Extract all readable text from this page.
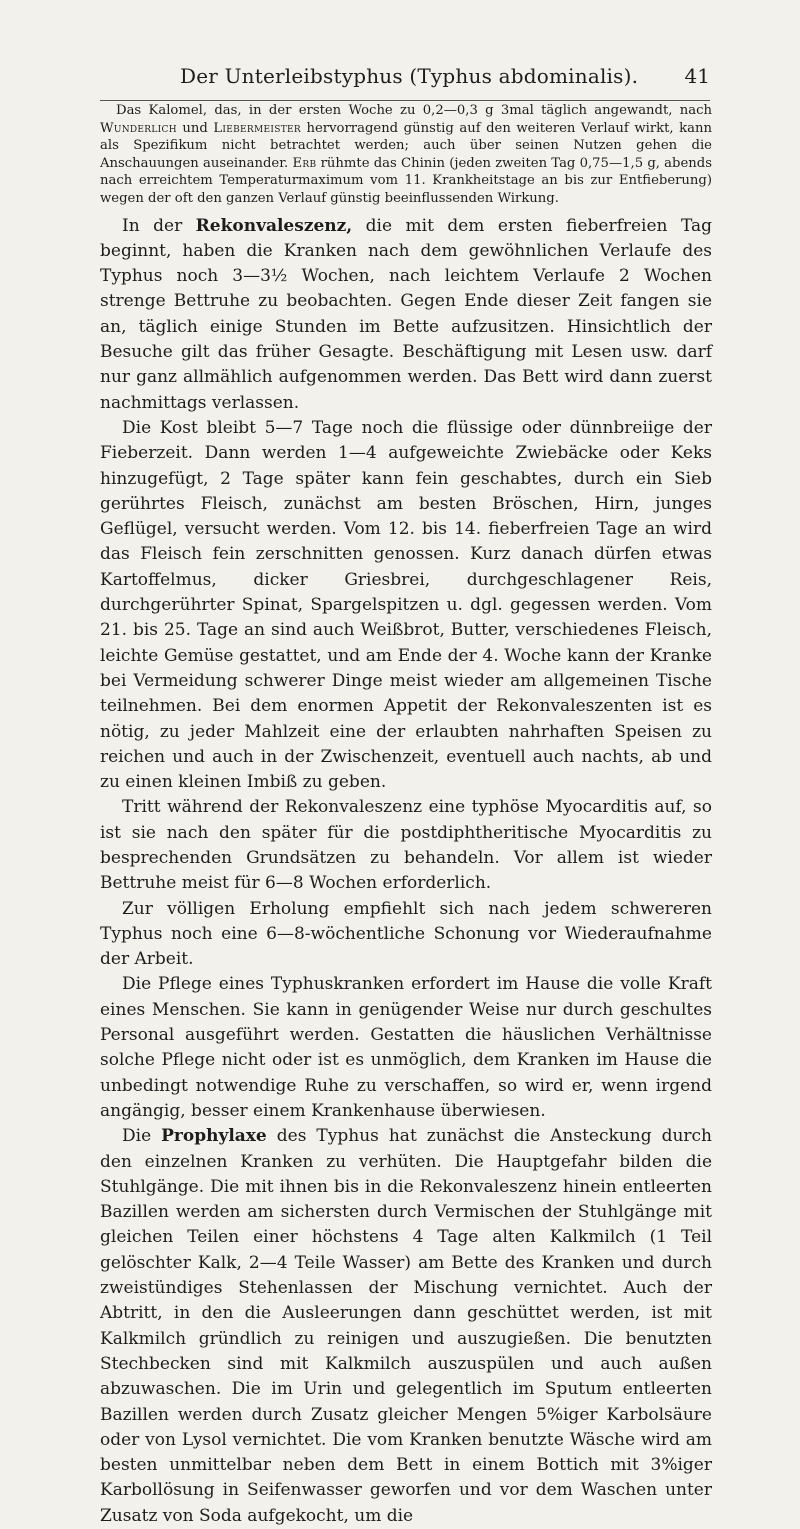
Der Unterleibstyphus (Typhus abdominalis). 41

Das Kalomel, das, in der ersten Woche zu 0,2—0,3 g 3mal täglich angewandt, nach Wunderlich und Liebermeister hervorragend günstig auf den weiteren Verlauf wirkt, kann als Spezifikum nicht betrachtet werden; auch über seinen Nutzen gehen die Anschauungen auseinander. Erb rühmte das Chinin (jeden zweiten Tag 0,75—1,5 g, abends nach erreichtem Temperaturmaximum vom 11. Krankheitstage an bis zur Entfieberung) wegen der oft den ganzen Verlauf günstig beeinflussenden Wirkung.

In der Rekonvaleszenz, die mit dem ersten fieberfreien Tag beginnt, haben die Kranken nach dem gewöhnlichen Verlaufe des Typhus noch 3—3½ Wochen, nach leichtem Verlaufe 2 Wochen strenge Bettruhe zu beobachten. Gegen Ende dieser Zeit fangen sie an, täglich einige Stunden im Bette aufzusitzen. Hinsichtlich der Besuche gilt das früher Gesagte. Beschäftigung mit Lesen usw. darf nur ganz allmählich aufgenommen werden. Das Bett wird dann zuerst nachmittags verlassen.

Die Kost bleibt 5—7 Tage noch die flüssige oder dünnbreiige der Fieberzeit. Dann werden 1—4 aufgeweichte Zwiebäcke oder Keks hinzugefügt, 2 Tage später kann fein geschabtes, durch ein Sieb gerührtes Fleisch, zunächst am besten Bröschen, Hirn, junges Geflügel, versucht werden. Vom 12. bis 14. fieberfreien Tage an wird das Fleisch fein zerschnitten genossen. Kurz danach dürfen etwas Kartoffelmus, dicker Griesbrei, durchgeschlagener Reis, durchgerührter Spinat, Spargelspitzen u. dgl. gegessen werden. Vom 21. bis 25. Tage an sind auch Weißbrot, Butter, verschiedenes Fleisch, leichte Gemüse gestattet, und am Ende der 4. Woche kann der Kranke bei Vermeidung schwerer Dinge meist wieder am allgemeinen Tische teilnehmen. Bei dem enormen Appetit der Rekonvaleszenten ist es nötig, zu jeder Mahlzeit eine der erlaubten nahrhaften Speisen zu reichen und auch in der Zwischenzeit, eventuell auch nachts, ab und zu einen kleinen Imbiß zu geben.

Tritt während der Rekonvaleszenz eine typhöse Myocarditis auf, so ist sie nach den später für die postdiphtheritische Myocarditis zu besprechenden Grundsätzen zu behandeln. Vor allem ist wieder Bettruhe meist für 6—8 Wochen erforderlich.

Zur völligen Erholung empfiehlt sich nach jedem schwereren Typhus noch eine 6—8-wöchentliche Schonung vor Wiederaufnahme der Arbeit.

Die Pflege eines Typhuskranken erfordert im Hause die volle Kraft eines Menschen. Sie kann in genügender Weise nur durch geschultes Personal ausgeführt werden. Gestatten die häuslichen Verhältnisse solche Pflege nicht oder ist es unmöglich, dem Kranken im Hause die unbedingt notwendige Ruhe zu verschaffen, so wird er, wenn irgend angängig, besser einem Krankenhause überwiesen.

Die Prophylaxe des Typhus hat zunächst die Ansteckung durch den einzelnen Kranken zu verhüten. Die Hauptgefahr bilden die Stuhlgänge. Die mit ihnen bis in die Rekonvaleszenz hinein entleerten Bazillen werden am sichersten durch Vermischen der Stuhlgänge mit gleichen Teilen einer höchstens 4 Tage alten Kalkmilch (1 Teil gelöschter Kalk, 2—4 Teile Wasser) am Bette des Kranken und durch zweistündiges Stehenlassen der Mischung vernichtet. Auch der Abtritt, in den die Ausleerungen dann geschüttet werden, ist mit Kalkmilch gründlich zu reinigen und auszugießen. Die benutzten Stechbecken sind mit Kalkmilch auszuspülen und auch außen abzuwaschen. Die im Urin und gelegentlich im Sputum entleerten Bazillen werden durch Zusatz gleicher Mengen 5%iger Karbolsäure oder von Lysol vernichtet. Die vom Kranken benutzte Wäsche wird am besten unmittelbar neben dem Bett in einem Bottich mit 3%iger Karbollösung in Seifenwasser geworfen und vor dem Waschen unter Zusatz von Soda aufgekocht, um die
